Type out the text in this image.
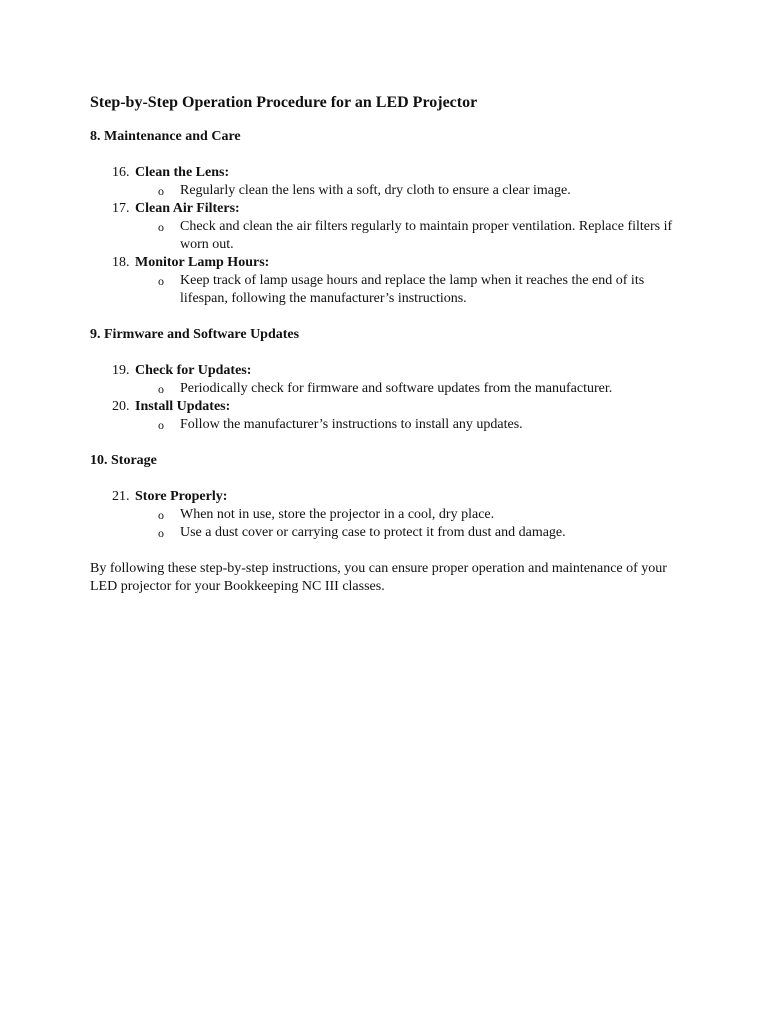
Step-by-Step Operation Procedure for an LED Projector
8. Maintenance and Care
16. Clean the Lens:
o Regularly clean the lens with a soft, dry cloth to ensure a clear image.
17. Clean Air Filters:
o Check and clean the air filters regularly to maintain proper ventilation. Replace filters if worn out.
18. Monitor Lamp Hours:
o Keep track of lamp usage hours and replace the lamp when it reaches the end of its lifespan, following the manufacturer’s instructions.
9. Firmware and Software Updates
19. Check for Updates:
o Periodically check for firmware and software updates from the manufacturer.
20. Install Updates:
o Follow the manufacturer’s instructions to install any updates.
10. Storage
21. Store Properly:
o When not in use, store the projector in a cool, dry place.
o Use a dust cover or carrying case to protect it from dust and damage.

By following these step-by-step instructions, you can ensure proper operation and maintenance of your LED projector for your Bookkeeping NC III classes.
